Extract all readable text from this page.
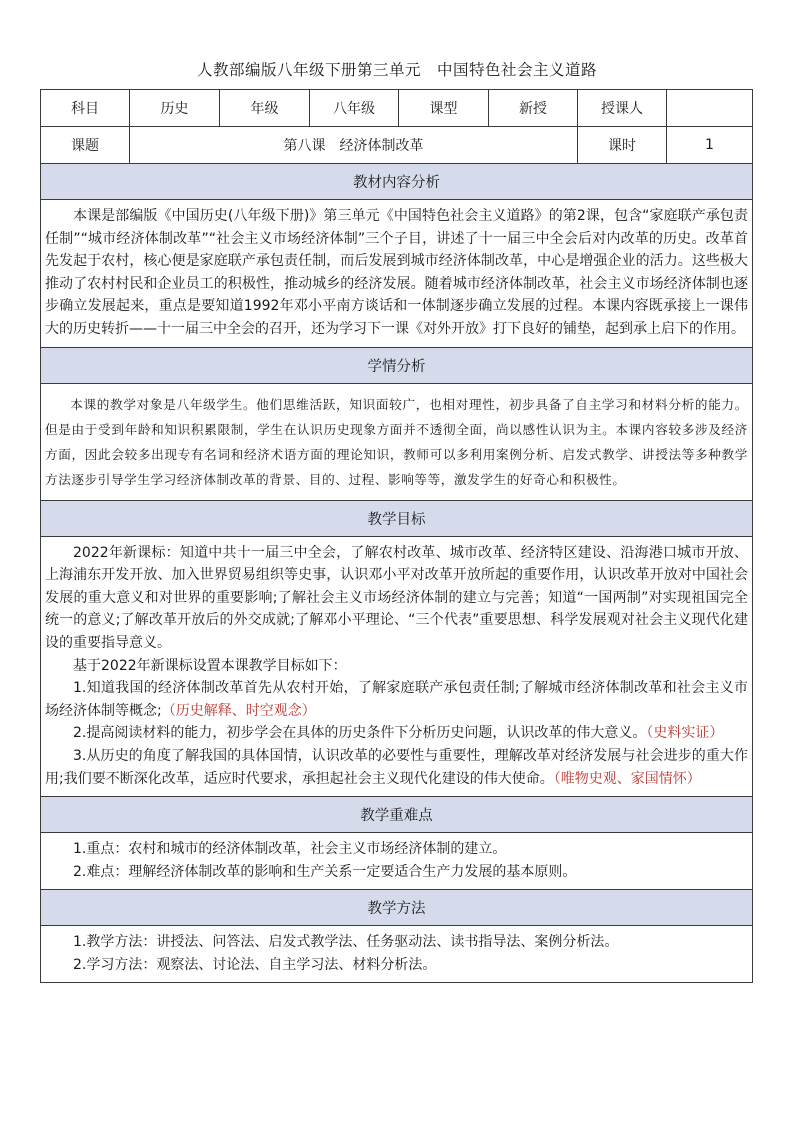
人教部编版八年级下册第三单元　中国特色社会主义道路
科目	历史	年级	八年级	课型	新授	授课人	
课题	第八课　经济体制改革					课时	1
教材内容分析							

本课是部编版《中国历史(八年级下册)》第三单元《中国特色社会主义道路》的第2课，包含“家庭联产承包责任制”“城市经济体制改革”“社会主义市场经济体制”三个子目，讲述了十一届三中全会后对内改革的历史。改革首先发起于农村，核心便是家庭联产承包责任制，而后发展到城市经济体制改革，中心是增强企业的活力。这些极大推动了农村村民和企业员工的积极性，推动城乡的经济发展。随着城市经济体制改革，社会主义市场经济体制也逐步确立发展起来，重点是要知道1992年邓小平南方谈话和一体制逐步确立发展的过程。本课内容既承接上一课伟大的历史转折——十一届三中全会的召开，还为学习下一课《对外开放》打下良好的铺垫，起到承上启下的作用。							

学情分析							

本课的教学对象是八年级学生。他们思维活跃，知识面较广，也相对理性，初步具备了自主学习和材料分析的能力。但是由于受到年龄和知识积累限制，学生在认识历史现象方面并不透彻全面，尚以感性认识为主。本课内容较多涉及经济方面，因此会较多出现专有名词和经济术语方面的理论知识，教师可以多利用案例分析、启发式教学、讲授法等多种教学方法逐步引导学生学习经济体制改革的背景、目的、过程、影响等等，激发学生的好奇心和积极性。							

教学目标							

2022年新课标：知道中共十一届三中全会，了解农村改革、城市改革、经济特区建设、沿海港口城市开放、上海浦东开发开放、加入世界贸易组织等史事，认识邓小平对改革开放所起的重要作用，认识改革开放对中国社会发展的重大意义和对世界的重要影响;了解社会主义市场经济体制的建立与完善；知道“一国两制”对实现祖国完全统一的意义;了解改革开放后的外交成就;了解邓小平理论、“三个代表”重要思想、科学发展观对社会主义现代化建设的重要指导意义。

基于2022年新课标设置本课教学目标如下：

1.知道我国的经济体制改革首先从农村开始，了解家庭联产承包责任制;了解城市经济体制改革和社会主义市场经济体制等概念;（历史解释、时空观念）

2.提高阅读材料的能力，初步学会在具体的历史条件下分析历史问题，认识改革的伟大意义。（史料实证）

3.从历史的角度了解我国的具体国情，认识改革的必要性与重要性，理解改革对经济发展与社会进步的重大作用;我们要不断深化改革，适应时代要求，承担起社会主义现代化建设的伟大使命。（唯物史观、家国情怀）							

教学重难点							

1.重点：农村和城市的经济体制改革，社会主义市场经济体制的建立。

2.难点：理解经济体制改革的影响和生产关系一定要适合生产力发展的基本原则。							

教学方法							

1.教学方法：讲授法、问答法、启发式教学法、任务驱动法、读书指导法、案例分析法。

2.学习方法：观察法、讨论法、自主学习法、材料分析法。							
